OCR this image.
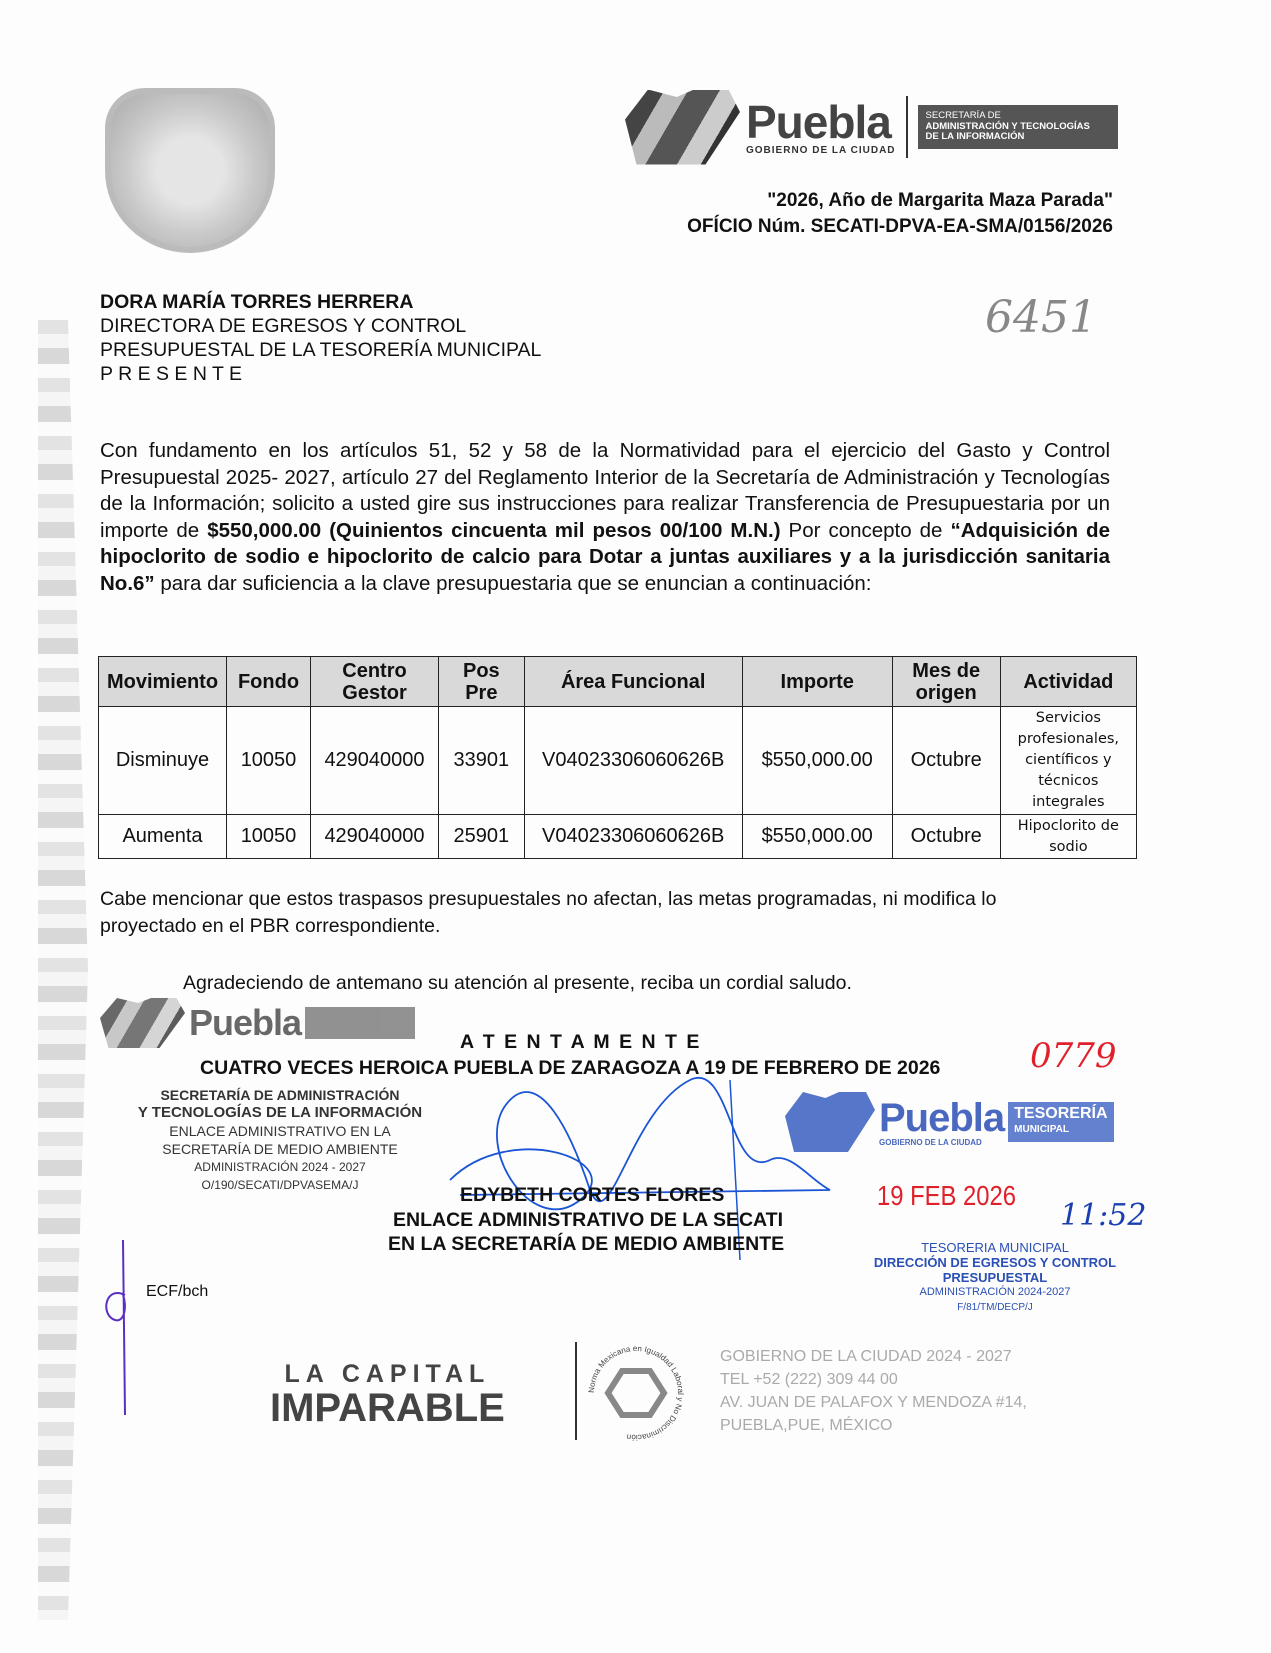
Puebla
GOBIERNO DE LA CIUDAD
SECRETARÍA DE
ADMINISTRACIÓN Y TECNOLOGÍAS
DE LA INFORMACIÓN
"2026, Año de Margarita Maza Parada"
OFÍCIO Núm. SECATI-DPVA-EA-SMA/0156/2026
6451
DORA MARÍA TORRES HERRERA
DIRECTORA DE EGRESOS Y CONTROL
PRESUPUESTAL DE LA TESORERÍA MUNICIPAL
P R E S E N T E
Con fundamento en los artículos 51, 52 y 58 de la Normatividad para el ejercicio del Gasto y Control Presupuestal 2025- 2027, artículo 27 del Reglamento Interior de la Secretaría de Administración y Tecnologías de la Información; solicito a usted gire sus instrucciones para realizar Transferencia de Presupuestaria por un importe de $550,000.00 (Quinientos cincuenta mil pesos 00/100 M.N.) Por concepto de “Adquisición de hipoclorito de sodio e hipoclorito de calcio para Dotar a juntas auxiliares y a la jurisdicción sanitaria No.6” para dar suficiencia a la clave presupuestaria que se enuncian a continuación:
Movimiento	Fondo	Centro Gestor	Pos Pre	Área Funcional	Importe	Mes de origen	Actividad
Disminuye	10050	429040000	33901	V04023306060626B	$550,000.00	Octubre	Servicios profesionales, científicos y técnicos integrales
Aumenta	10050	429040000	25901	V04023306060626B	$550,000.00	Octubre	Hipoclorito de sodio
Cabe mencionar que estos traspasos presupuestales no afectan, las metas programadas, ni modifica lo proyectado en el PBR correspondiente.
Agradeciendo de antemano su atención al presente, reciba un cordial saludo.
Puebla

	A T E N T A M E N T E
CUATRO VECES HEROICA PUEBLA DE ZARAGOZA A 19 DE FEBRERO DE 2026	0779
SECRETARÍA DE ADMINISTRACIÓN
Y TECNOLOGÍAS DE LA INFORMACIÓN
ENLACE ADMINISTRATIVO EN LA
SECRETARÍA DE MEDIO AMBIENTE
ADMINISTRACIÓN 2024 - 2027
O/190/SECATI/DPVASEMA/J	EDYBETH CORTES FLORES
ENLACE ADMINISTRATIVO DE LA SECATI
EN LA SECRETARÍA DE MEDIO AMBIENTE
Puebla
GOBIERNO DE LA CIUDAD
TESORERÍA
MUNICIPAL
19 FEB 2026
11:52
TESORERIA MUNICIPAL
DIRECCIÓN DE EGRESOS Y CONTROL
PRESUPUESTAL
ADMINISTRACIÓN 2024-2027
F/81/TM/DECP/J
ECF/bch
LA CAPITAL
IMPARABLE	Norma Mexicana en Igualdad Laboral y No Discriminación
GOBIERNO DE LA CIUDAD 2024 - 2027
TEL +52 (222) 309 44 00
AV. JUAN DE PALAFOX Y MENDOZA #14,
PUEBLA,PUE, MÉXICO
